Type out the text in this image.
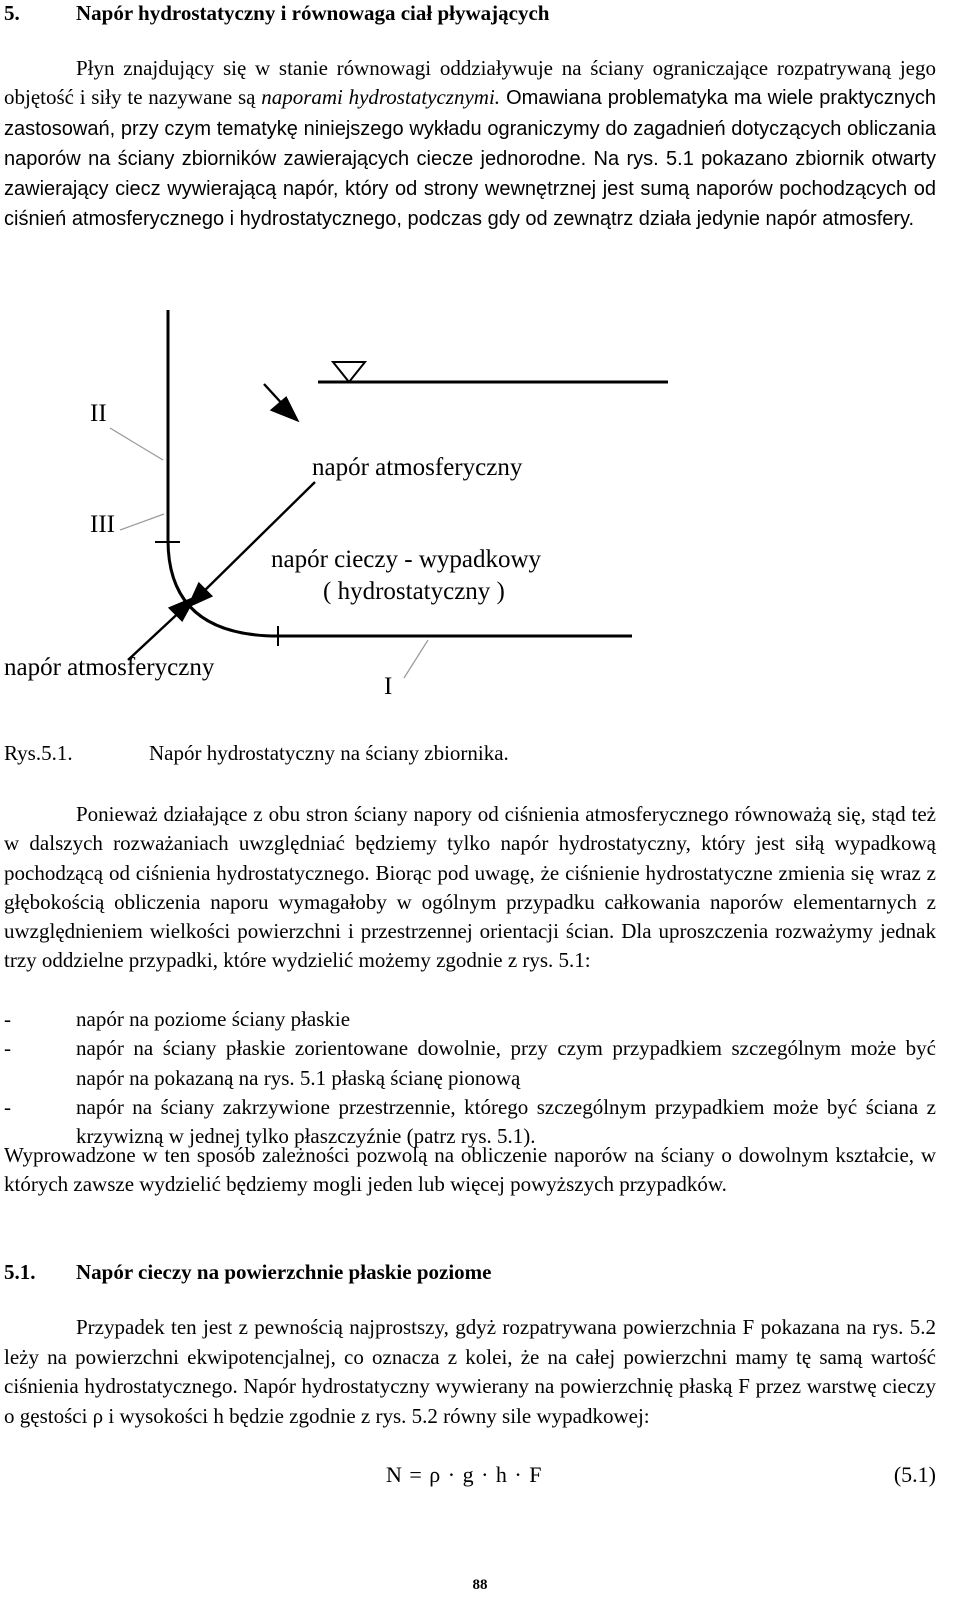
5.	Napór hydrostatyczny i równowaga ciał pływających
Płyn znajdujący się w stanie równowagi oddziaływuje na ściany ograniczające rozpatrywaną jego objętość i siły te nazywane są naporami hydrostatycznymi. Omawiana problematyka ma wiele praktycznych zastosowań, przy czym tematykę niniejszego wykładu ograniczymy do zagadnień dotyczących obliczania naporów na ściany zbiorników zawierających ciecze jednorodne. Na rys. 5.1 pokazano zbiornik otwarty zawierający ciecz wywierającą napór, który od strony wewnętrznej jest sumą naporów pochodzących od ciśnień atmosferycznego i hydrostatycznego, podczas gdy od zewnątrz działa jedynie napór atmosfery.
II
III
I
napór atmosferyczny
napór cieczy - wypadkowy
( hydrostatyczny )
napór atmosferyczny
Rys.5.1.	Napór hydrostatyczny na ściany zbiornika.
Ponieważ działające z obu stron ściany napory od ciśnienia atmosferycznego równoważą się, stąd też w dalszych rozważaniach uwzględniać będziemy tylko napór hydrostatyczny, który jest siłą wypadkową pochodzącą od ciśnienia hydrostatycznego. Biorąc pod uwagę, że ciśnienie hydrostatyczne zmienia się wraz z głębokością obliczenia naporu wymagałoby w ogólnym przypadku całkowania naporów elementarnych z uwzględnieniem wielkości powierzchni i przestrzennej orientacji ścian. Dla uproszczenia rozważymy jednak trzy oddzielne przypadki, które wydzielić możemy zgodnie z rys. 5.1:
-	napór na poziome ściany płaskie
-	napór na ściany płaskie zorientowane dowolnie, przy czym przypadkiem szczególnym może być napór na pokazaną na rys. 5.1 płaską ścianę pionową
-	napór na ściany zakrzywione przestrzennie, którego szczególnym przypadkiem może być ściana z krzywizną w jednej tylko płaszczyźnie (patrz rys. 5.1).
Wyprowadzone w ten sposób zależności pozwolą na obliczenie naporów na ściany o dowolnym kształcie, w których zawsze wydzielić będziemy mogli jeden lub więcej powyższych przypadków.
5.1. Napór cieczy na powierzchnie płaskie poziome
Przypadek ten jest z pewnością najprostszy, gdyż rozpatrywana powierzchnia F pokazana na rys. 5.2 leży na powierzchni ekwipotencjalnej, co oznacza z kolei, że na całej powierzchni mamy tę samą wartość ciśnienia hydrostatycznego. Napór hydrostatyczny wywierany na powierzchnię płaską F przez warstwę cieczy o gęstości ρ i wysokości h będzie zgodnie z rys. 5.2 równy sile wypadkowej:
N = ρ · g · h · F	(5.1)
88
